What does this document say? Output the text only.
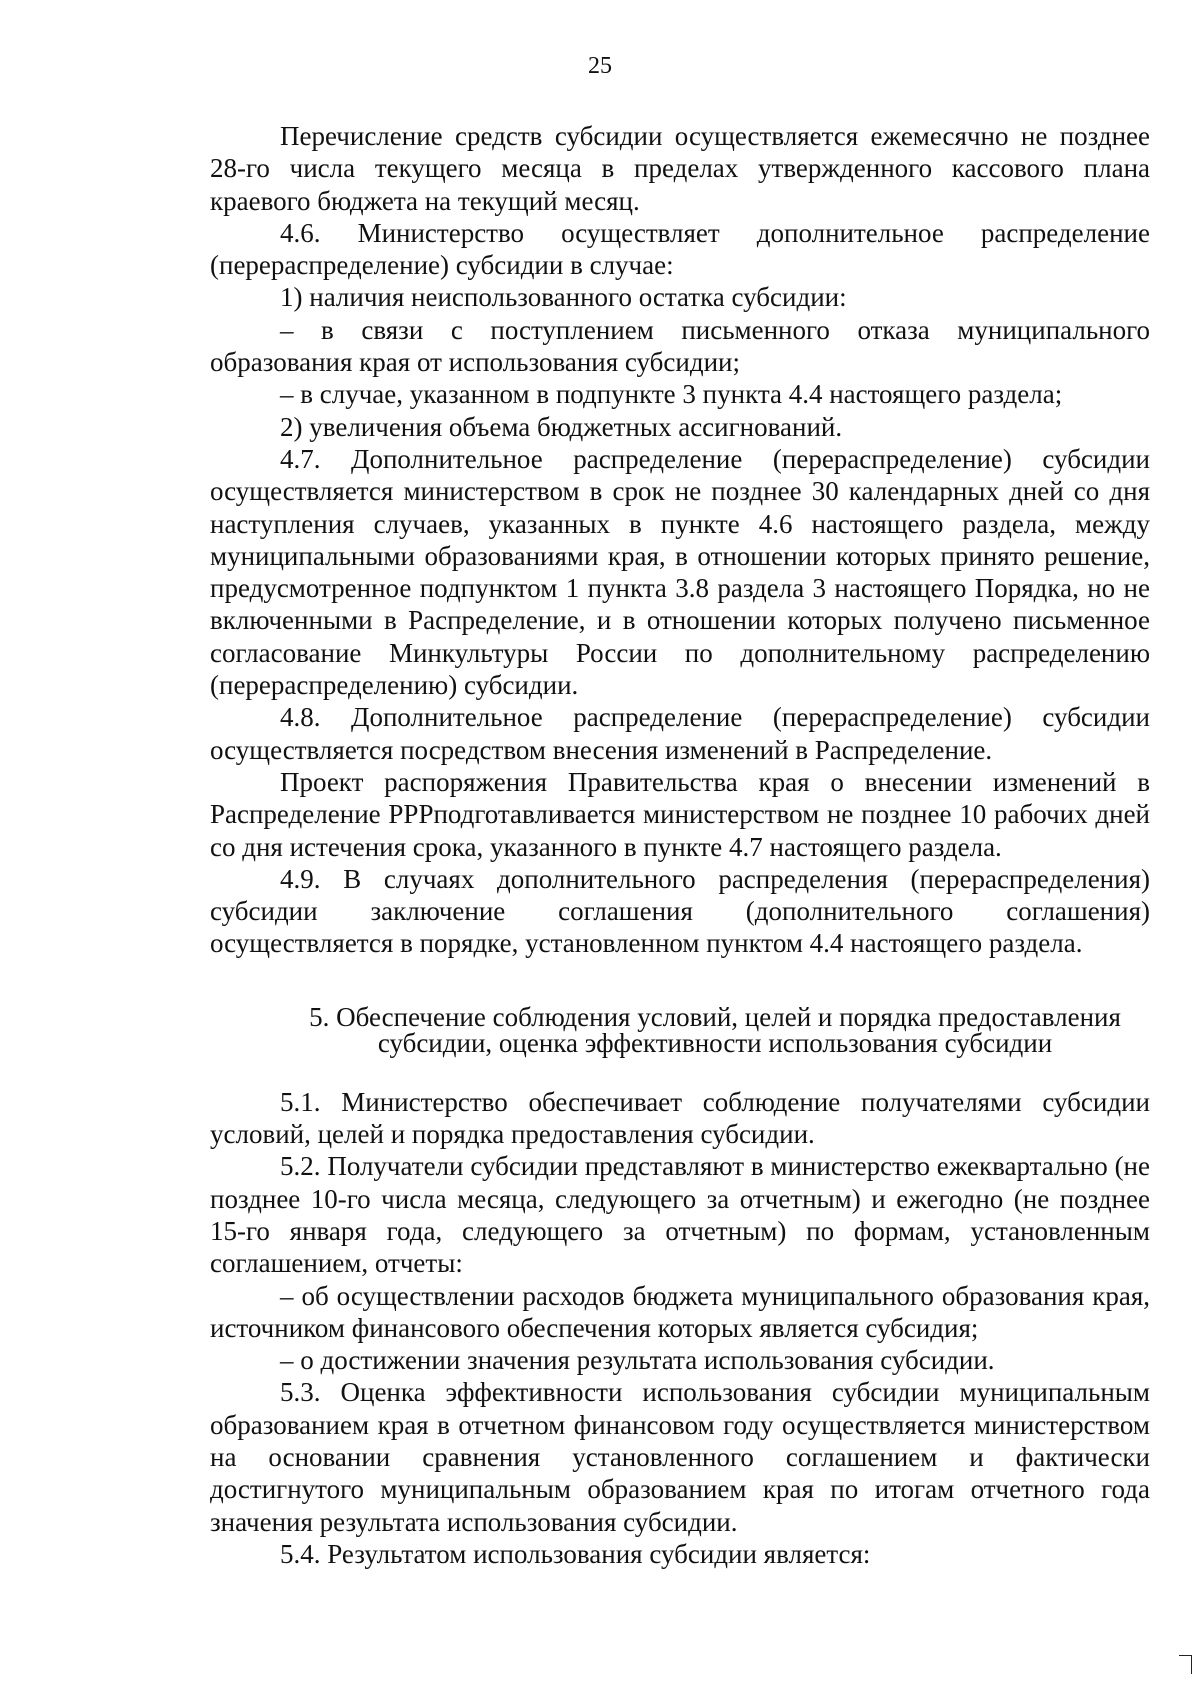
25

Перечисление средств субсидии осуществляется ежемесячно не позднее 28-го числа текущего месяца в пределах утвержденного кассового плана краевого бюджета на текущий месяц.

4.6. Министерство осуществляет дополнительное распределение (перераспределение) субсидии в случае:

1) наличия неиспользованного остатка субсидии:

– в связи с поступлением письменного отказа муниципального образования края от использования субсидии;

– в случае, указанном в подпункте 3 пункта 4.4 настоящего раздела;

2) увеличения объема бюджетных ассигнований.

4.7. Дополнительное распределение (перераспределение) субсидии осуществляется министерством в срок не позднее 30 календарных дней со дня наступления случаев, указанных в пункте 4.6 настоящего раздела, между муниципальными образованиями края, в отношении которых принято решение, предусмотренное подпунктом 1 пункта 3.8 раздела 3 настоящего Порядка, но не включенными в Распределение, и в отношении которых получено письменное согласование Минкультуры России по дополнительному распределению (перераспределению) субсидии.

4.8. Дополнительное распределение (перераспределение) субсидии осуществляется посредством внесения изменений в Распределение.

Проект распоряжения Правительства края о внесении изменений в Распределение РРРподготавливается министерством не позднее 10 рабочих дней со дня истечения срока, указанного в пункте 4.7 настоящего раздела.

4.9. В случаях дополнительного распределения (перераспределения) субсидии заключение соглашения (дополнительного соглашения) осуществляется в порядке, установленном пунктом 4.4 настоящего раздела.

5. Обеспечение соблюдения условий, целей и порядка предоставления субсидии, оценка эффективности использования субсидии

5.1. Министерство обеспечивает соблюдение получателями субсидии условий, целей и порядка предоставления субсидии.

5.2. Получатели субсидии представляют в министерство ежеквартально (не позднее 10-го числа месяца, следующего за отчетным) и ежегодно (не позднее 15-го января года, следующего за отчетным) по формам, установленным соглашением, отчеты:

– об осуществлении расходов бюджета муниципального образования края, источником финансового обеспечения которых является субсидия;

– о достижении значения результата использования субсидии.

5.3. Оценка эффективности использования субсидии муниципальным образованием края в отчетном финансовом году осуществляется министерством на основании сравнения установленного соглашением и фактически достигнутого муниципальным образованием края по итогам отчетного года значения результата использования субсидии.

5.4. Результатом использования субсидии является:
